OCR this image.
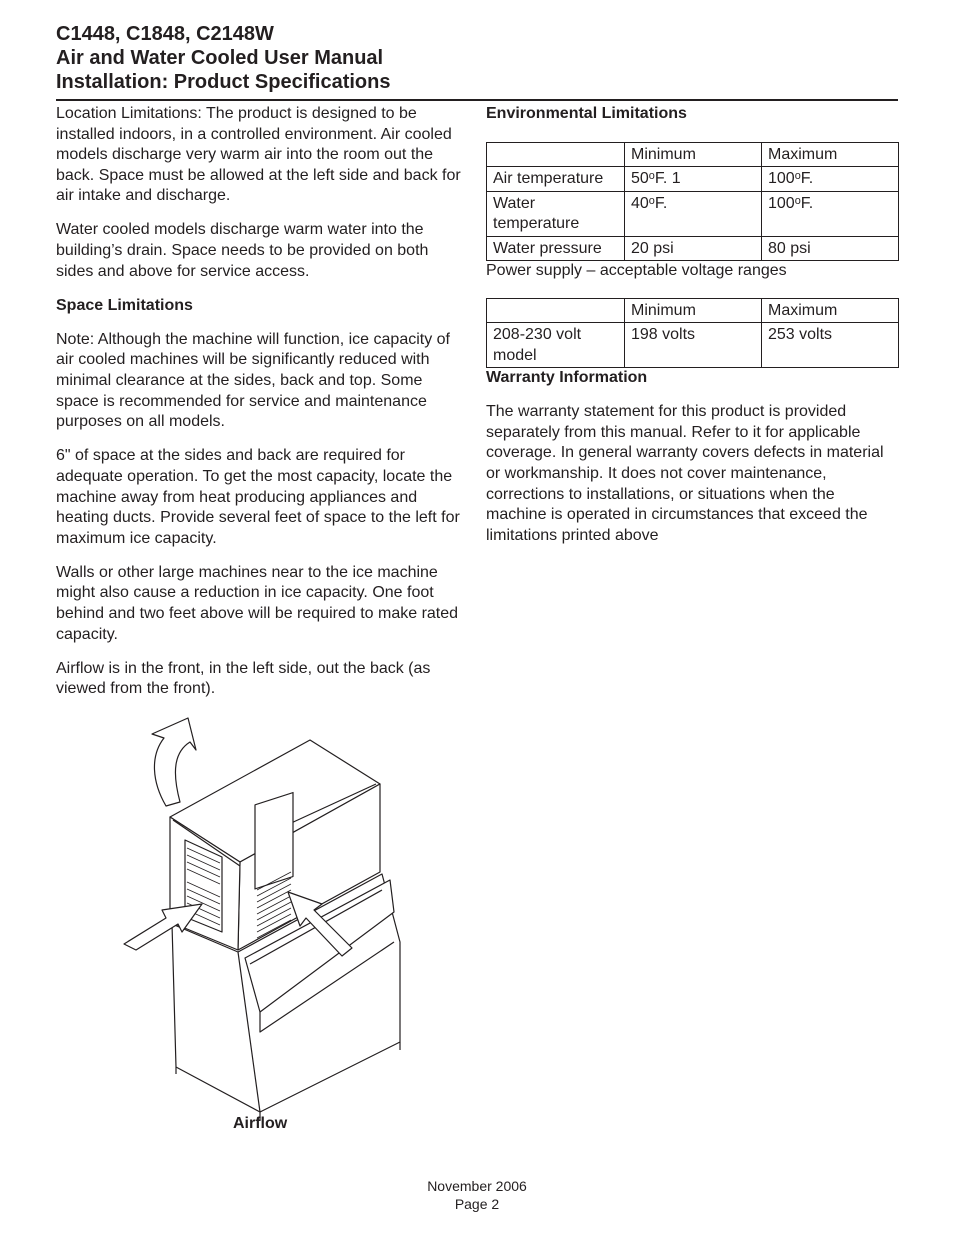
C1448, C1848, C2148W
Air and Water Cooled User Manual
Installation: Product Specifications

Location Limitations: The product is designed to be installed indoors, in a controlled environment. Air cooled models discharge very warm air into the room out the back. Space must be allowed at the left side and back for air intake and discharge.

Water cooled models discharge warm water into the building’s drain. Space needs to be provided on both sides and above for service access.

Space Limitations

Note: Although the machine will function, ice capacity of air cooled machines will be significantly reduced with minimal clearance at the sides, back and top. Some space is recommended for service and maintenance purposes on all models.

6" of space at the sides and back are required for adequate operation. To get the most capacity, locate the machine away from heat producing appliances and heating ducts. Provide several feet of space to the left for maximum ice capacity.

Walls or other large machines near to the ice machine might also cause a reduction in ice capacity. One foot behind and two feet above will be required to make rated capacity.

Airflow is in the front, in the left side, out the back (as viewed from the front).

Airflow
Environmental Limitations
	Minimum	Maximum
Air temperature	50ᵒF. 1	100ᵒF.
Water temperature	40ᵒF.	100ᵒF.
Water pressure	20 psi	80 psi
Power supply – acceptable voltage ranges
	Minimum	Maximum
208-230 volt model	198 volts	253 volts
Warranty Information

The warranty statement for this product is provided separately from this manual. Refer to it for applicable coverage. In general warranty covers defects in material or workmanship. It does not cover maintenance, corrections to installations, or situations when the machine is operated in circumstances that exceed the limitations printed above

November 2006
Page 2
